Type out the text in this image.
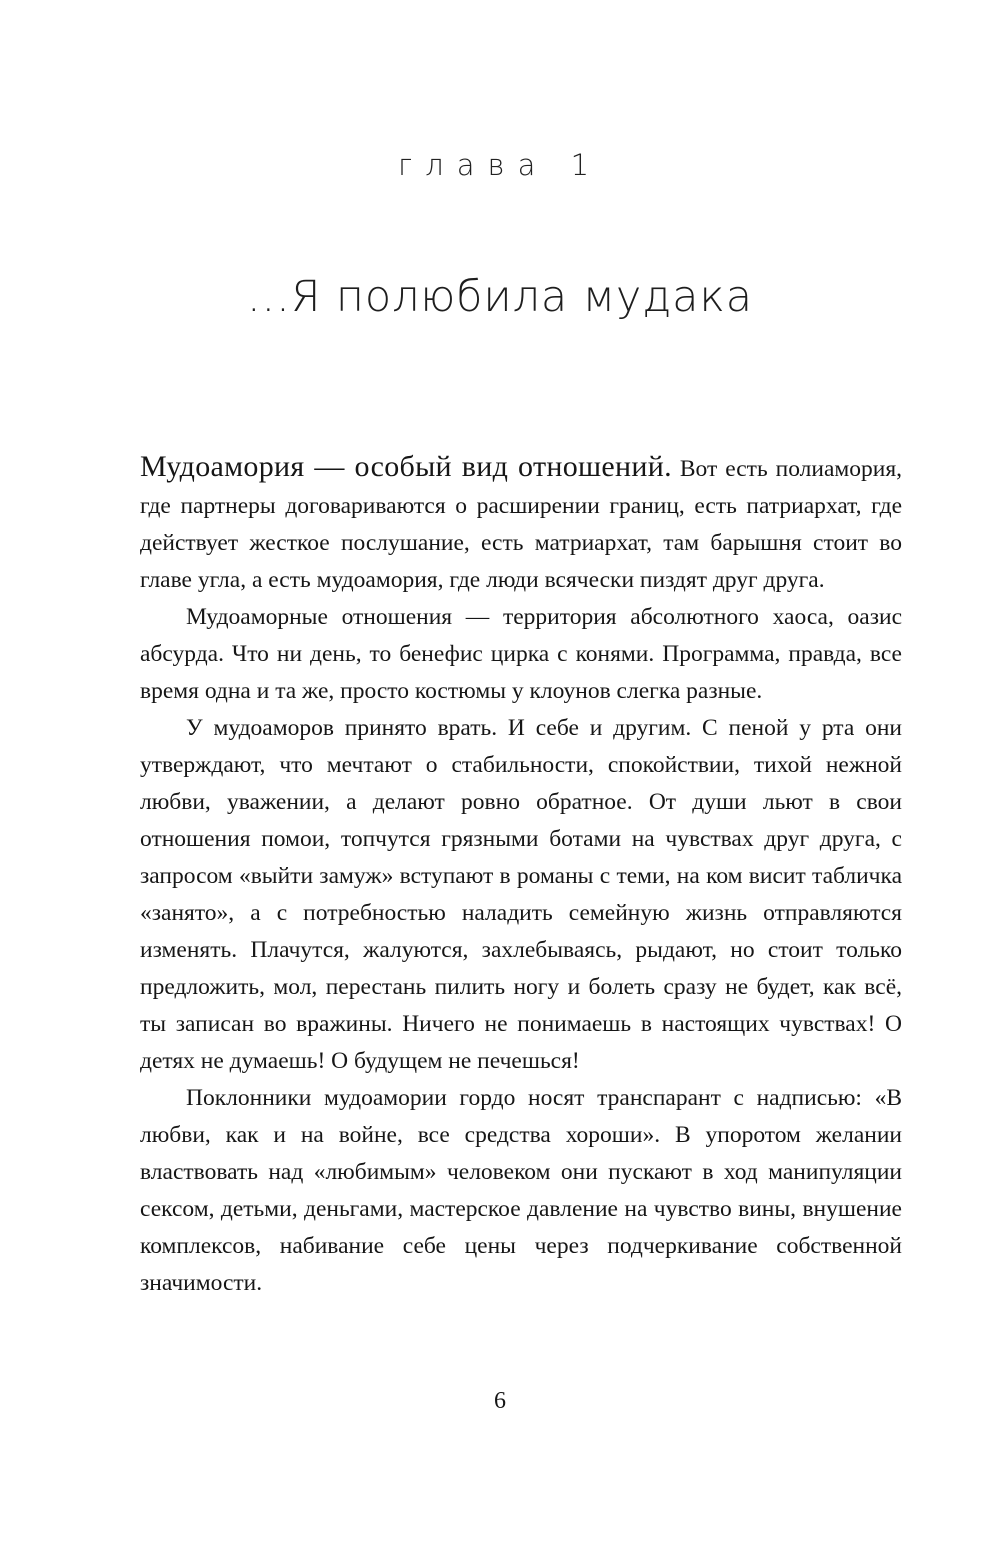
глава 1
...Я полюбила мудака

Мудоамория — особый вид отношений. Вот есть полиамория, где партнеры договариваются о расширении границ, есть патриархат, где действует жесткое послушание, есть матриархат, там барышня стоит во главе угла, а есть мудоамория, где люди всячески пиздят друг друга.

Мудоаморные отношения — территория абсолютного хаоса, оазис абсурда. Что ни день, то бенефис цирка с конями. Программа, правда, все время одна и та же, просто костюмы у клоунов слегка разные.

У мудоаморов принято врать. И себе и другим. С пеной у рта они утверждают, что мечтают о стабильности, спокойствии, тихой нежной любви, уважении, а делают ровно обратное. От души льют в свои отношения помои, топчутся грязными ботами на чувствах друг друга, с запросом «выйти замуж» вступают в романы с теми, на ком висит табличка «занято», а с потребностью наладить семейную жизнь отправляются изменять. Плачутся, жалуются, захлебываясь, рыдают, но стоит только предложить, мол, перестань пилить ногу и болеть сразу не будет, как всё, ты записан во вражины. Ничего не понимаешь в настоящих чувствах! О детях не думаешь! О будущем не печешься!

Поклонники мудоамории гордо носят транспарант с надписью: «В любви, как и на войне, все средства хороши». В упоротом желании властвовать над «любимым» человеком они пускают в ход манипуляции сексом, детьми, деньгами, мастерское давление на чувство вины, внушение комплексов, набивание себе цены через подчеркивание собственной значимости.

6
